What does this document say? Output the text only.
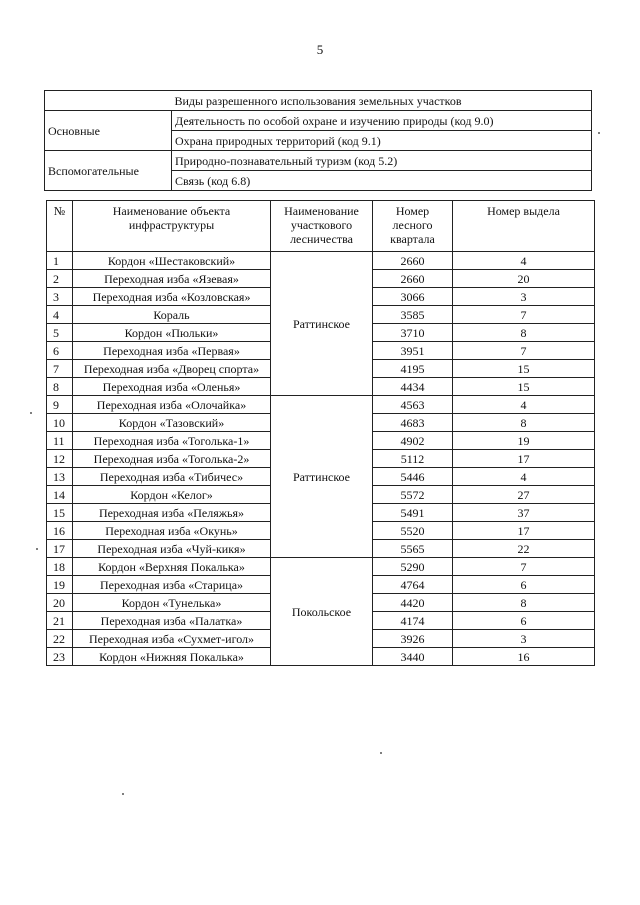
5
Виды разрешенного использования земельных участков	
Основные	Деятельность по особой охране и изучению природы (код 9.0)
	Охрана природных территорий (код 9.1)
Вспомогательные	Природно-познавательный туризм (код 5.2)
	Связь (код 6.8)
№	Наименование объекта инфраструктуры	Наименование участкового лесничества	Номер лесного квартала	Номер выдела
1	Кордон «Шестаковский»	Раттинское	2660	4
2	Переходная изба «Язевая»		2660	20
3	Переходная изба «Козловская»		3066	3
4	Кораль		3585	7
5	Кордон «Пюльки»		3710	8
6	Переходная изба «Первая»		3951	7
7	Переходная изба «Дворец спорта»		4195	15
8	Переходная изба «Оленья»		4434	15
9	Переходная изба «Олочайка»	Раттинское	4563	4
10	Кордон «Тазовский»		4683	8
11	Переходная изба «Тоголька-1»		4902	19
12	Переходная изба «Тоголька-2»		5112	17
13	Переходная изба «Тибичес»		5446	4
14	Кордон «Келог»		5572	27
15	Переходная изба «Пеляжья»		5491	37
16	Переходная изба «Окунь»		5520	17
17	Переходная изба «Чуй-кикя»		5565	22
18	Кордон «Верхняя Покалька»	Покольское	5290	7
19	Переходная изба «Старица»		4764	6
20	Кордон «Тунелька»		4420	8
21	Переходная изба «Палатка»		4174	6
22	Переходная изба «Сухмет-игол»		3926	3
23	Кордон «Нижняя Покалька»		3440	16
